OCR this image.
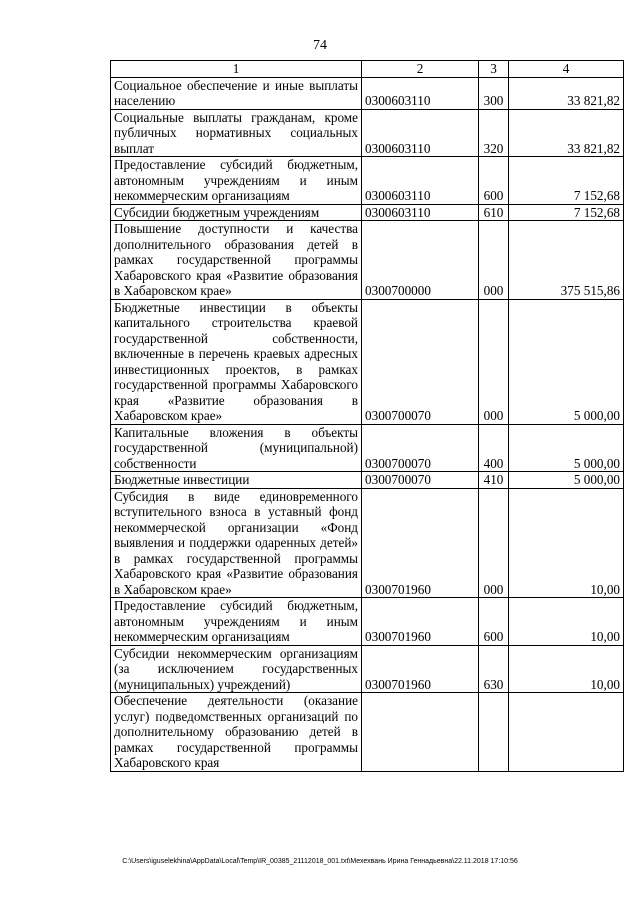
74
1	2	3	4
Социальное обеспечение и иные выплаты населению	0300603110	300	33 821,82
Социальные выплаты гражданам, кроме публичных нормативных социальных выплат	0300603110	320	33 821,82
Предоставление субсидий бюджетным, автономным учреждениям и иным некоммерческим организациям	0300603110	600	7 152,68
Субсидии бюджетным учреждениям	0300603110	610	7 152,68
Повышение доступности и качества дополнительного образования детей в рамках государственной программы Хабаровского края «Развитие образования в Хабаровском крае»	0300700000	000	375 515,86
Бюджетные инвестиции в объекты капитального строительства краевой государственной собственности, включенные в перечень краевых адресных инвестиционных проектов, в рамках государственной программы Хабаровского края «Развитие образования в Хабаровском крае»	0300700070	000	5 000,00
Капитальные вложения в объекты государственной (муниципальной) собственности	0300700070	400	5 000,00
Бюджетные инвестиции	0300700070	410	5 000,00
Субсидия в виде единовременного вступительного взноса в уставный фонд некоммерческой организации «Фонд выявления и поддержки одаренных детей» в рамках государственной программы Хабаровского края «Развитие образования в Хабаровском крае»	0300701960	000	10,00
Предоставление субсидий бюджетным, автономным учреждениям и иным некоммерческим организациям	0300701960	600	10,00
Субсидии некоммерческим организациям (за исключением государственных (муниципальных) учреждений)	0300701960	630	10,00
Обеспечение деятельности (оказание услуг) подведомственных организаций по дополнительному образованию детей в рамках государственной программы Хабаровского края			
C:\Users\iguselekhina\AppData\Local\Temp\IR_00385_21112018_001.txt\Мехехвань Ирина Геннадьевна\22.11.2018 17:10:56
